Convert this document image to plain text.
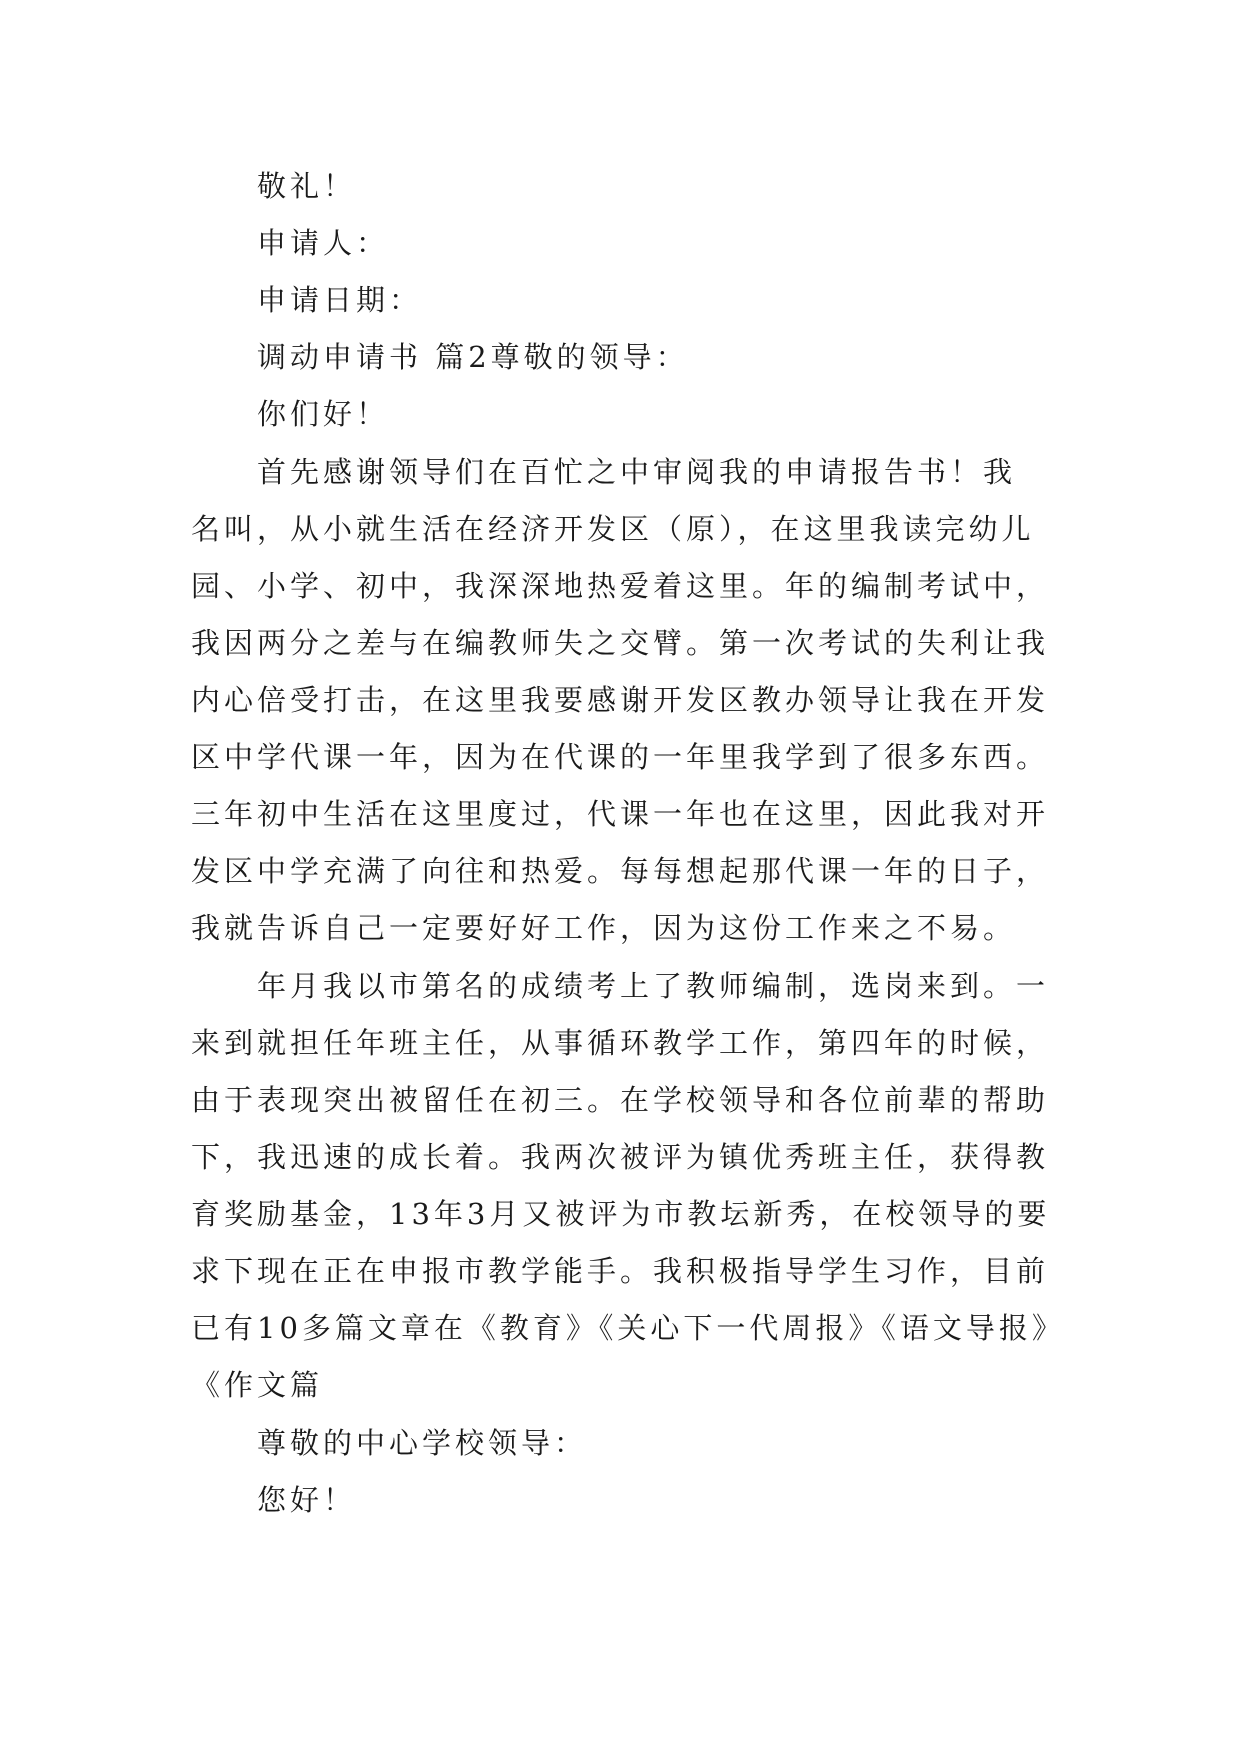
敬礼！
申请人：
申请日期：
调动申请书 篇2尊敬的领导：
你们好！
首先感谢领导们在百忙之中审阅我的申请报告书！我
名叫，从小就生活在经济开发区（原），在这里我读完幼儿
园、小学、初中，我深深地热爱着这里。年的编制考试中，
我因两分之差与在编教师失之交臂。第一次考试的失利让我
内心倍受打击，在这里我要感谢开发区教办领导让我在开发
区中学代课一年，因为在代课的一年里我学到了很多东西。
三年初中生活在这里度过，代课一年也在这里，因此我对开
发区中学充满了向往和热爱。每每想起那代课一年的日子，
我就告诉自己一定要好好工作，因为这份工作来之不易。
年月我以市第名的成绩考上了教师编制，选岗来到。一
来到就担任年班主任，从事循环教学工作，第四年的时候，
由于表现突出被留任在初三。在学校领导和各位前辈的帮助
下，我迅速的成长着。我两次被评为镇优秀班主任，获得教
育奖励基金，13年3月又被评为市教坛新秀，在校领导的要
求下现在正在申报市教学能手。我积极指导学生习作，目前
已有10多篇文章在《教育》《关心下一代周报》《语文导报》
《作文篇
尊敬的中心学校领导：
您好！
